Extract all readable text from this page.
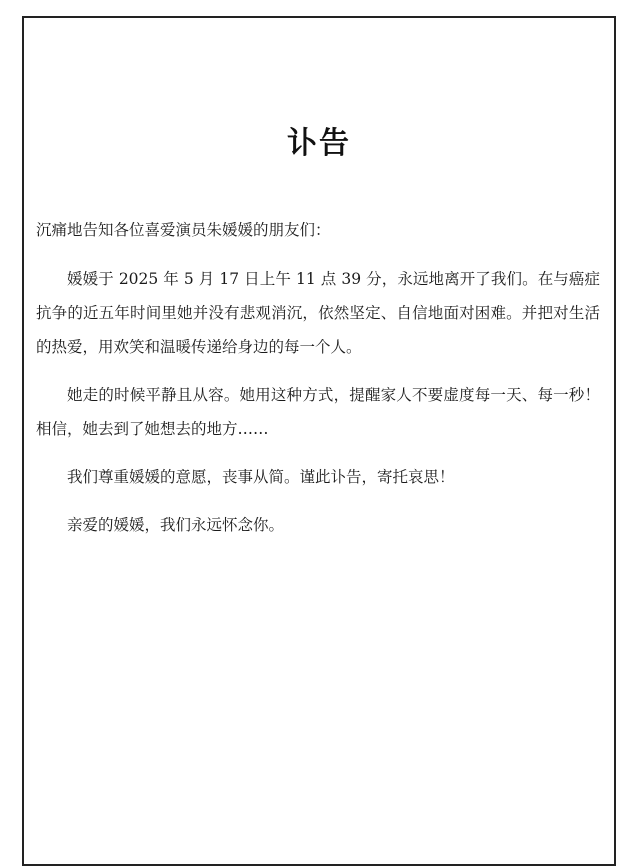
讣告
沉痛地告知各位喜爱演员朱媛媛的朋友们：

媛媛于 2025 年 5 月 17 日上午 11 点 39 分，永远地离开了我们。在与癌症抗争的近五年时间里她并没有悲观消沉，依然坚定、自信地面对困难。并把对生活的热爱，用欢笑和温暖传递给身边的每一个人。

她走的时候平静且从容。她用这种方式，提醒家人不要虚度每一天、每一秒！相信，她去到了她想去的地方……

我们尊重媛媛的意愿，丧事从简。谨此讣告，寄托哀思！

亲爱的媛媛，我们永远怀念你。
